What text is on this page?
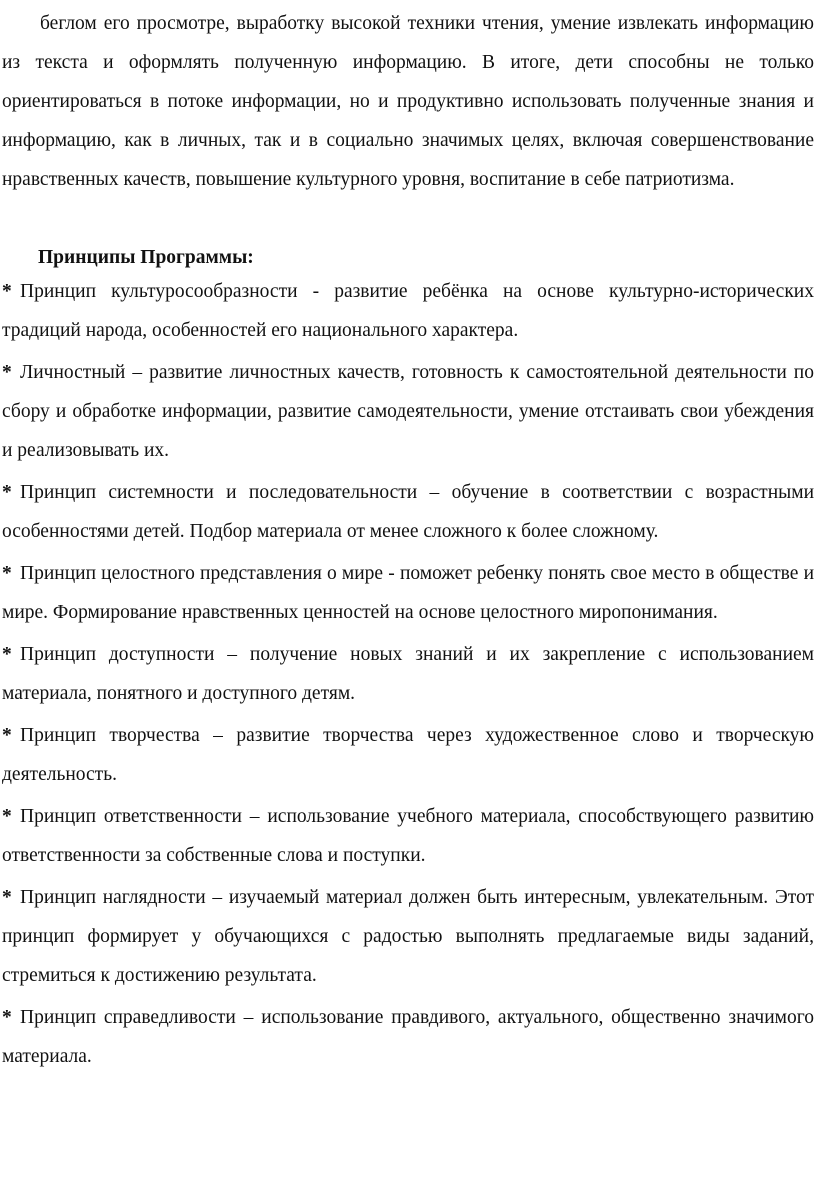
беглом его просмотре, выработку высокой техники чтения, умение извлекать информацию из текста и оформлять полученную информацию. В итоге, дети способны не только ориентироваться в потоке информации, но и продуктивно использовать полученные знания и информацию, как в личных, так и в социально значимых целях, включая совершенствование нравственных качеств, повышение культурного уровня, воспитание в себе патриотизма.

Принципы Программы:

* Принцип культуросообразности - развитие ребёнка на основе культурно-исторических традиций народа, особенностей его национального характера.

* Личностный – развитие личностных качеств, готовность к самостоятельной деятельности по сбору и обработке информации, развитие самодеятельности, умение отстаивать свои убеждения и реализовывать их.

* Принцип системности и последовательности – обучение в соответствии с возрастными особенностями детей. Подбор материала от менее сложного к более сложному.

* Принцип целостного представления о мире - поможет ребенку понять свое место в обществе и мире. Формирование нравственных ценностей на основе целостного миропонимания.

* Принцип доступности – получение новых знаний и их закрепление с использованием материала, понятного и доступного детям.

* Принцип творчества – развитие творчества через художественное слово и творческую деятельность.

* Принцип ответственности – использование учебного материала, способствующего развитию ответственности за собственные слова и поступки.

* Принцип наглядности – изучаемый материал должен быть интересным, увлекательным. Этот принцип формирует у обучающихся с радостью выполнять предлагаемые виды заданий, стремиться к достижению результата.

* Принцип справедливости – использование правдивого, актуального, общественно значимого материала.
